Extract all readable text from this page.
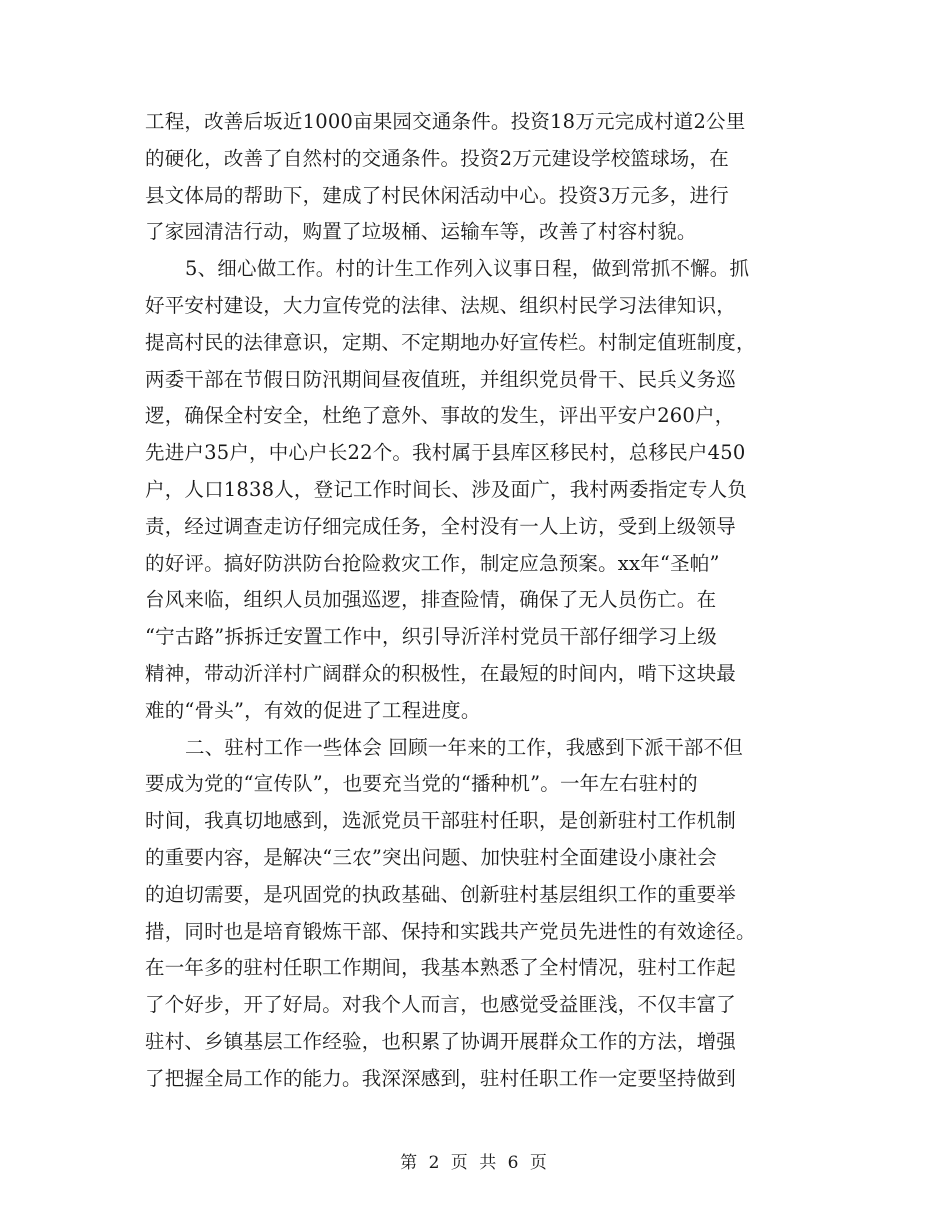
工程，改善后坂近1000亩果园交通条件。投资18万元完成村道2公里
的硬化，改善了自然村的交通条件。投资2万元建设学校篮球场，在
县文体局的帮助下，建成了村民休闲活动中心。投资3万元多，进行
了家园清洁行动，购置了垃圾桶、运输车等，改善了村容村貌。
5、细心做工作。村的计生工作列入议事日程，做到常抓不懈。抓
好平安村建设，大力宣传党的法律、法规、组织村民学习法律知识，
提高村民的法律意识，定期、不定期地办好宣传栏。村制定值班制度，
两委干部在节假日防汛期间昼夜值班，并组织党员骨干、民兵义务巡
逻，确保全村安全，杜绝了意外、事故的发生，评出平安户260户，
先进户35户，中心户长22个。我村属于县库区移民村，总移民户450
户，人口1838人，登记工作时间长、涉及面广，我村两委指定专人负
责，经过调查走访仔细完成任务，全村没有一人上访，受到上级领导
的好评。搞好防洪防台抢险救灾工作，制定应急预案。xx年“圣帕”
台风来临，组织人员加强巡逻，排查险情，确保了无人员伤亡。在
“宁古路”拆拆迁安置工作中，织引导沂洋村党员干部仔细学习上级
精神，带动沂洋村广阔群众的积极性，在最短的时间内，啃下这块最
难的“骨头”，有效的促进了工程进度。
二、驻村工作一些体会 回顾一年来的工作，我感到下派干部不但
要成为党的“宣传队”，也要充当党的“播种机”。一年左右驻村的
时间，我真切地感到，选派党员干部驻村任职，是创新驻村工作机制
的重要内容，是解决“三农”突出问题、加快驻村全面建设小康社会
的迫切需要，是巩固党的执政基础、创新驻村基层组织工作的重要举
措，同时也是培育锻炼干部、保持和实践共产党员先进性的有效途径。
在一年多的驻村任职工作期间，我基本熟悉了全村情况，驻村工作起
了个好步，开了好局。对我个人而言，也感觉受益匪浅，不仅丰富了
驻村、乡镇基层工作经验，也积累了协调开展群众工作的方法，增强
了把握全局工作的能力。我深深感到，驻村任职工作一定要坚持做到
第 2 页 共 6 页
